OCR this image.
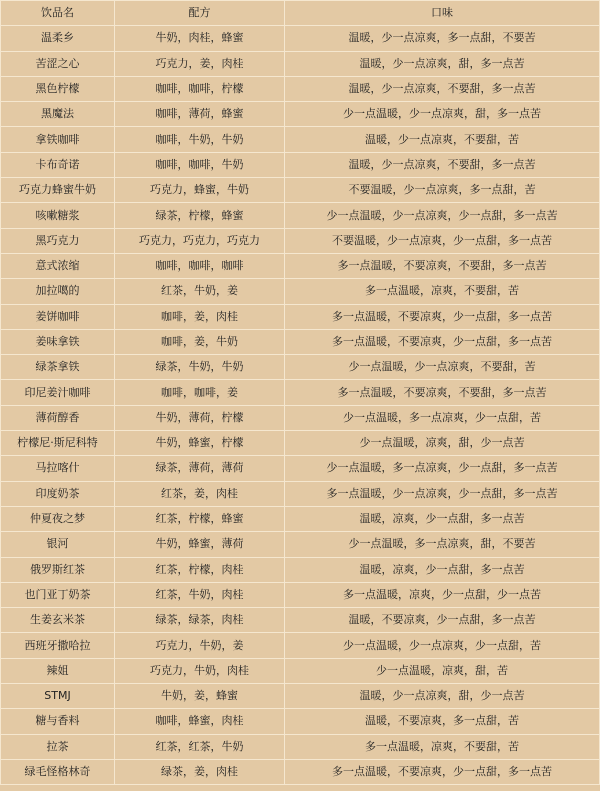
饮品名	配方	口味
温柔乡	牛奶，肉桂，蜂蜜	温暖，少一点凉爽，多一点甜，不要苦
苦涩之心	巧克力，姜，肉桂	温暖，少一点凉爽，甜，多一点苦
黑色柠檬	咖啡，咖啡，柠檬	温暖，少一点凉爽，不要甜，多一点苦
黑魔法	咖啡，薄荷，蜂蜜	少一点温暖，少一点凉爽，甜，多一点苦
拿铁咖啡	咖啡，牛奶，牛奶	温暖，少一点凉爽，不要甜，苦
卡布奇诺	咖啡，咖啡，牛奶	温暖，少一点凉爽，不要甜，多一点苦
巧克力蜂蜜牛奶	巧克力，蜂蜜，牛奶	不要温暖，少一点凉爽，多一点甜，苦
咳嗽糖浆	绿茶，柠檬，蜂蜜	少一点温暖，少一点凉爽，少一点甜，多一点苦
黑巧克力	巧克力，巧克力，巧克力	不要温暖，少一点凉爽，少一点甜，多一点苦
意式浓缩	咖啡，咖啡，咖啡	多一点温暖，不要凉爽，不要甜，多一点苦
加拉噶的	红茶，牛奶，姜	多一点温暖，凉爽，不要甜，苦
姜饼咖啡	咖啡，姜，肉桂	多一点温暖，不要凉爽，少一点甜，多一点苦
姜味拿铁	咖啡，姜，牛奶	多一点温暖，不要凉爽，少一点甜，多一点苦
绿茶拿铁	绿茶，牛奶，牛奶	少一点温暖，少一点凉爽，不要甜，苦
印尼姜汁咖啡	咖啡，咖啡，姜	多一点温暖，不要凉爽，不要甜，多一点苦
薄荷醇香	牛奶，薄荷，柠檬	少一点温暖，多一点凉爽，少一点甜，苦
柠檬尼·斯尼科特	牛奶，蜂蜜，柠檬	少一点温暖，凉爽，甜，少一点苦
马拉喀什	绿茶，薄荷，薄荷	少一点温暖，多一点凉爽，少一点甜，多一点苦
印度奶茶	红茶，姜，肉桂	多一点温暖，少一点凉爽，少一点甜，多一点苦
仲夏夜之梦	红茶，柠檬，蜂蜜	温暖，凉爽，少一点甜，多一点苦
银河	牛奶，蜂蜜，薄荷	少一点温暖，多一点凉爽，甜，不要苦
俄罗斯红茶	红茶，柠檬，肉桂	温暖，凉爽，少一点甜，多一点苦
也门亚丁奶茶	红茶，牛奶，肉桂	多一点温暖，凉爽，少一点甜，少一点苦
生姜玄米茶	绿茶，绿茶，肉桂	温暖，不要凉爽，少一点甜，多一点苦
西班牙撒哈拉	巧克力，牛奶，姜	少一点温暖，少一点凉爽，少一点甜，苦
辣姐	巧克力，牛奶，肉桂	少一点温暖，凉爽，甜，苦
STMJ	牛奶，姜，蜂蜜	温暖，少一点凉爽，甜，少一点苦
糖与香料	咖啡，蜂蜜，肉桂	温暖，不要凉爽，多一点甜，苦
拉茶	红茶，红茶，牛奶	多一点温暖，凉爽，不要甜，苦
绿毛怪格林奇	绿茶，姜，肉桂	多一点温暖，不要凉爽，少一点甜，多一点苦
